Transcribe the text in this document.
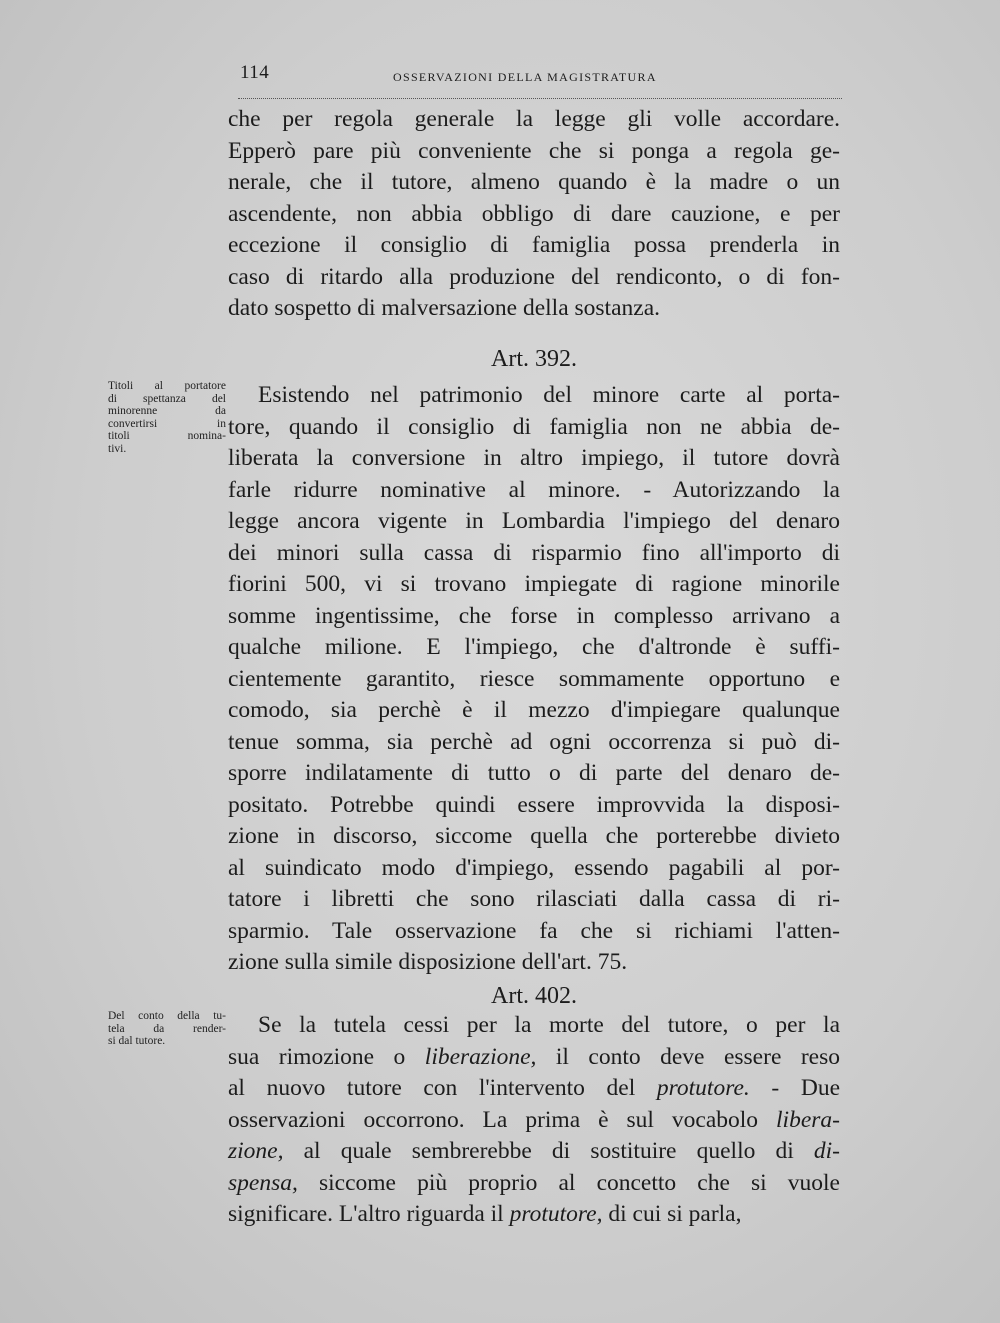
114	OSSERVAZIONI DELLA MAGISTRATURA
che per regola generale la legge gli volle accordare.
Epperò pare più conveniente che si ponga a regola ge-
nerale, che il tutore, almeno quando è la madre o un
ascendente, non abbia obbligo di dare cauzione, e per
eccezione il consiglio di famiglia possa prenderla in
caso di ritardo alla produzione del rendiconto, o di fon-
dato sospetto di malversazione della sostanza.
Art. 392.
Titoli al portatore
di spettanza del
minorenne da
convertirsi in
titoli nomina-
tivi.
Esistendo nel patrimonio del minore carte al porta-
tore, quando il consiglio di famiglia non ne abbia de-
liberata la conversione in altro impiego, il tutore dovrà
farle ridurre nominative al minore. - Autorizzando la
legge ancora vigente in Lombardia l'impiego del denaro
dei minori sulla cassa di risparmio fino all'importo di
fiorini 500, vi si trovano impiegate di ragione minorile
somme ingentissime, che forse in complesso arrivano a
qualche milione. E l'impiego, che d'altronde è suffi-
cientemente garantito, riesce sommamente opportuno e
comodo, sia perchè è il mezzo d'impiegare qualunque
tenue somma, sia perchè ad ogni occorrenza si può di-
sporre indilatamente di tutto o di parte del denaro de-
positato. Potrebbe quindi essere improvvida la disposi-
zione in discorso, siccome quella che porterebbe divieto
al suindicato modo d'impiego, essendo pagabili al por-
tatore i libretti che sono rilasciati dalla cassa di ri-
sparmio. Tale osservazione fa che si richiami l'atten-
zione sulla simile disposizione dell'art. 75.
Art. 402.
Del conto della tu-
tela da render-
si dal tutore.
Se la tutela cessi per la morte del tutore, o per la
sua rimozione o liberazione, il conto deve essere reso
al nuovo tutore con l'intervento del protutore. - Due
osservazioni occorrono. La prima è sul vocabolo libera-
zione, al quale sembrerebbe di sostituire quello di di-
spensa, siccome più proprio al concetto che si vuole
significare. L'altro riguarda il protutore, di cui si parla,
